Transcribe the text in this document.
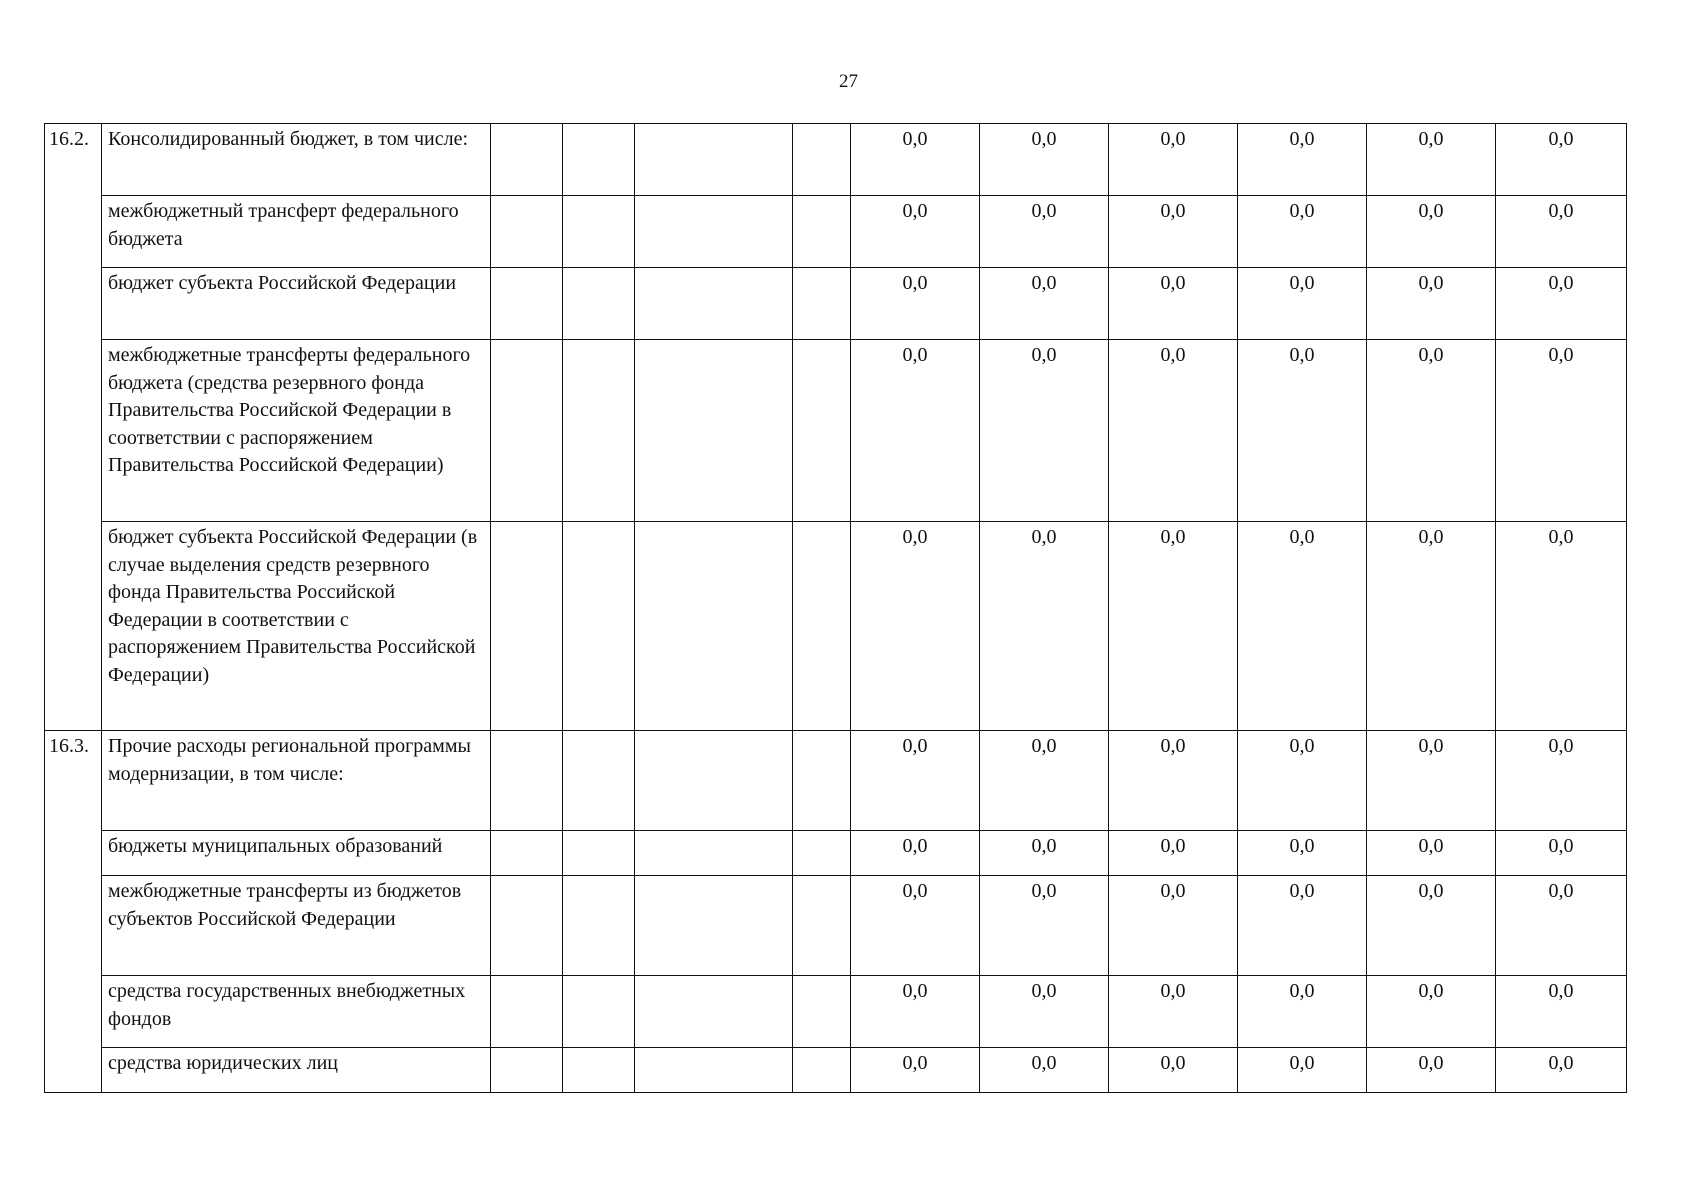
27
16.2.	Консолидированный бюджет, в том числе:					0,0	0,0	0,0	0,0	0,0	0,0
	межбюджетный трансферт федерального бюджета					0,0	0,0	0,0	0,0	0,0	0,0
	бюджет субъекта Российской Федерации					0,0	0,0	0,0	0,0	0,0	0,0
	межбюджетные трансферты федерального бюджета (средства резервного фонда Правительства Российской Федерации в соответствии с распоряжением Правительства Российской Федерации)					0,0	0,0	0,0	0,0	0,0	0,0
	бюджет субъекта Российской Федерации (в случае выделения средств резервного фонда Правительства Российской Федерации в соответствии с распоряжением Правительства Российской Федерации)					0,0	0,0	0,0	0,0	0,0	0,0
16.3.	Прочие расходы региональной программы модернизации, в том числе:					0,0	0,0	0,0	0,0	0,0	0,0
	бюджеты муниципальных образований					0,0	0,0	0,0	0,0	0,0	0,0
	межбюджетные трансферты из бюджетов субъектов Российской Федерации					0,0	0,0	0,0	0,0	0,0	0,0
	средства государственных внебюджетных фондов					0,0	0,0	0,0	0,0	0,0	0,0
	средства юридических лиц					0,0	0,0	0,0	0,0	0,0	0,0
